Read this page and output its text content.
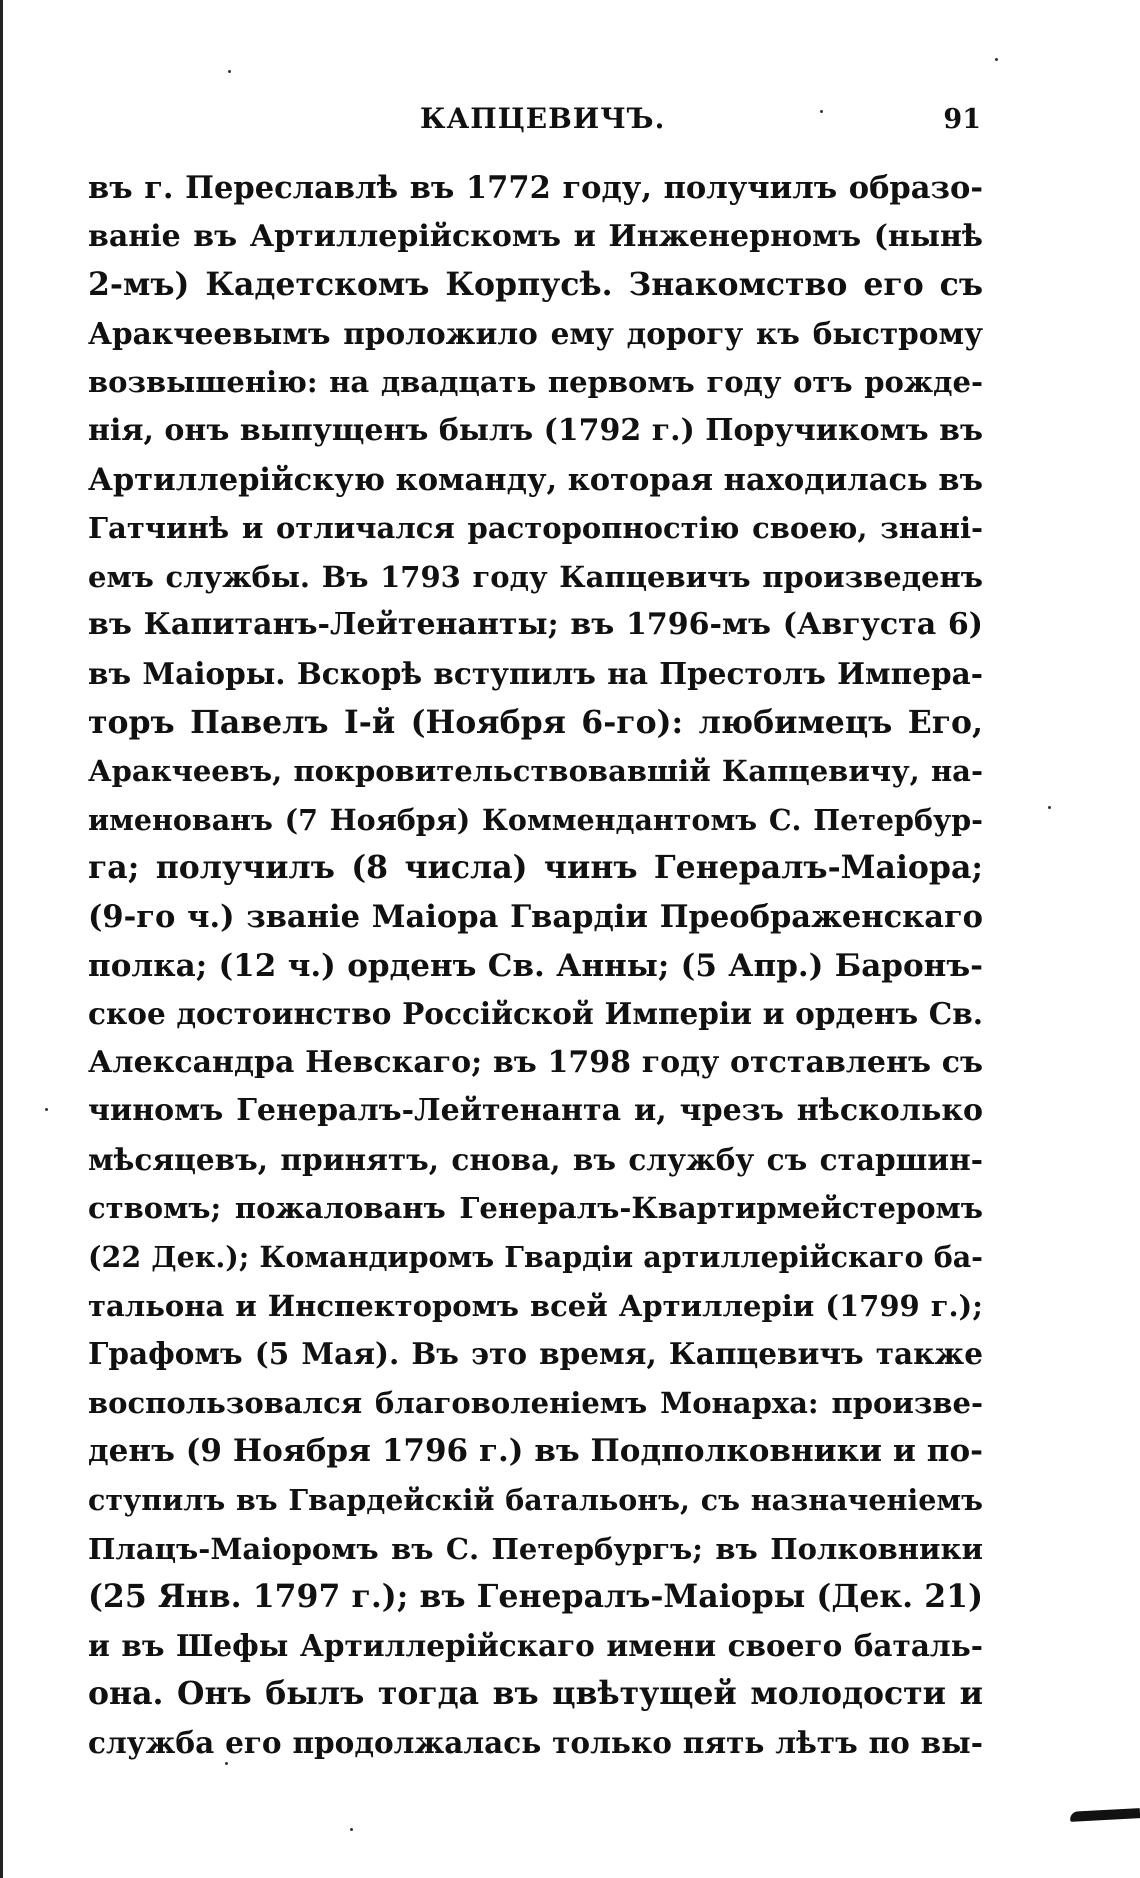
КАПЦЕВИЧЪ.	91
въ г. Переславлѣ въ 1772 году, получилъ образо-
ваніе въ Артиллерійскомъ и Инженерномъ (нынѣ
2-мъ) Кадетскомъ Корпусѣ. Знакомство его съ
Аракчеевымъ проложило ему дорогу къ быстрому
возвышенію: на двадцать первомъ году отъ рожде-
нія, онъ выпущенъ былъ (1792 г.) Поручикомъ въ
Артиллерійскую команду, которая находилась въ
Гатчинѣ и отличался расторопностію своею, знані-
емъ службы. Въ 1793 году Капцевичъ произведенъ
въ Капитанъ-Лейтенанты; въ 1796-мъ (Августа 6)
въ Маіоры. Вскорѣ вступилъ на Престолъ Импера-
торъ Павелъ I-й (Ноября 6-го): любимецъ Его,
Аракчеевъ, покровительствовавшій Капцевичу, на-
именованъ (7 Ноября) Коммендантомъ С. Петербур-
га; получилъ (8 числа) чинъ Генералъ-Маіора;
(9-го ч.) званіе Маіора Гвардіи Преображенскаго
полка; (12 ч.) орденъ Св. Анны; (5 Апр.) Баронъ-
ское достоинство Россійской Имперіи и орденъ Св.
Александра Невскаго; въ 1798 году отставленъ съ
чиномъ Генералъ-Лейтенанта и, чрезъ нѣсколько
мѣсяцевъ, принятъ, снова, въ службу съ старшин-
ствомъ; пожалованъ Генералъ-Квартирмейстеромъ
(22 Дек.); Командиромъ Гвардіи артиллерійскаго ба-
тальона и Инспекторомъ всей Артиллеріи (1799 г.);
Графомъ (5 Мая). Въ это время, Капцевичъ также
воспользовался благоволеніемъ Монарха: произве-
денъ (9 Ноября 1796 г.) въ Подполковники и по-
ступилъ въ Гвардейскій батальонъ, съ назначеніемъ
Плацъ-Маіоромъ въ С. Петербургъ; въ Полковники
(25 Янв. 1797 г.); въ Генералъ-Маіоры (Дек. 21)
и въ Шефы Артиллерійскаго имени своего баталь-
она. Онъ былъ тогда въ цвѣтущей молодости и
служба его продолжалась только пять лѣтъ по вы-
